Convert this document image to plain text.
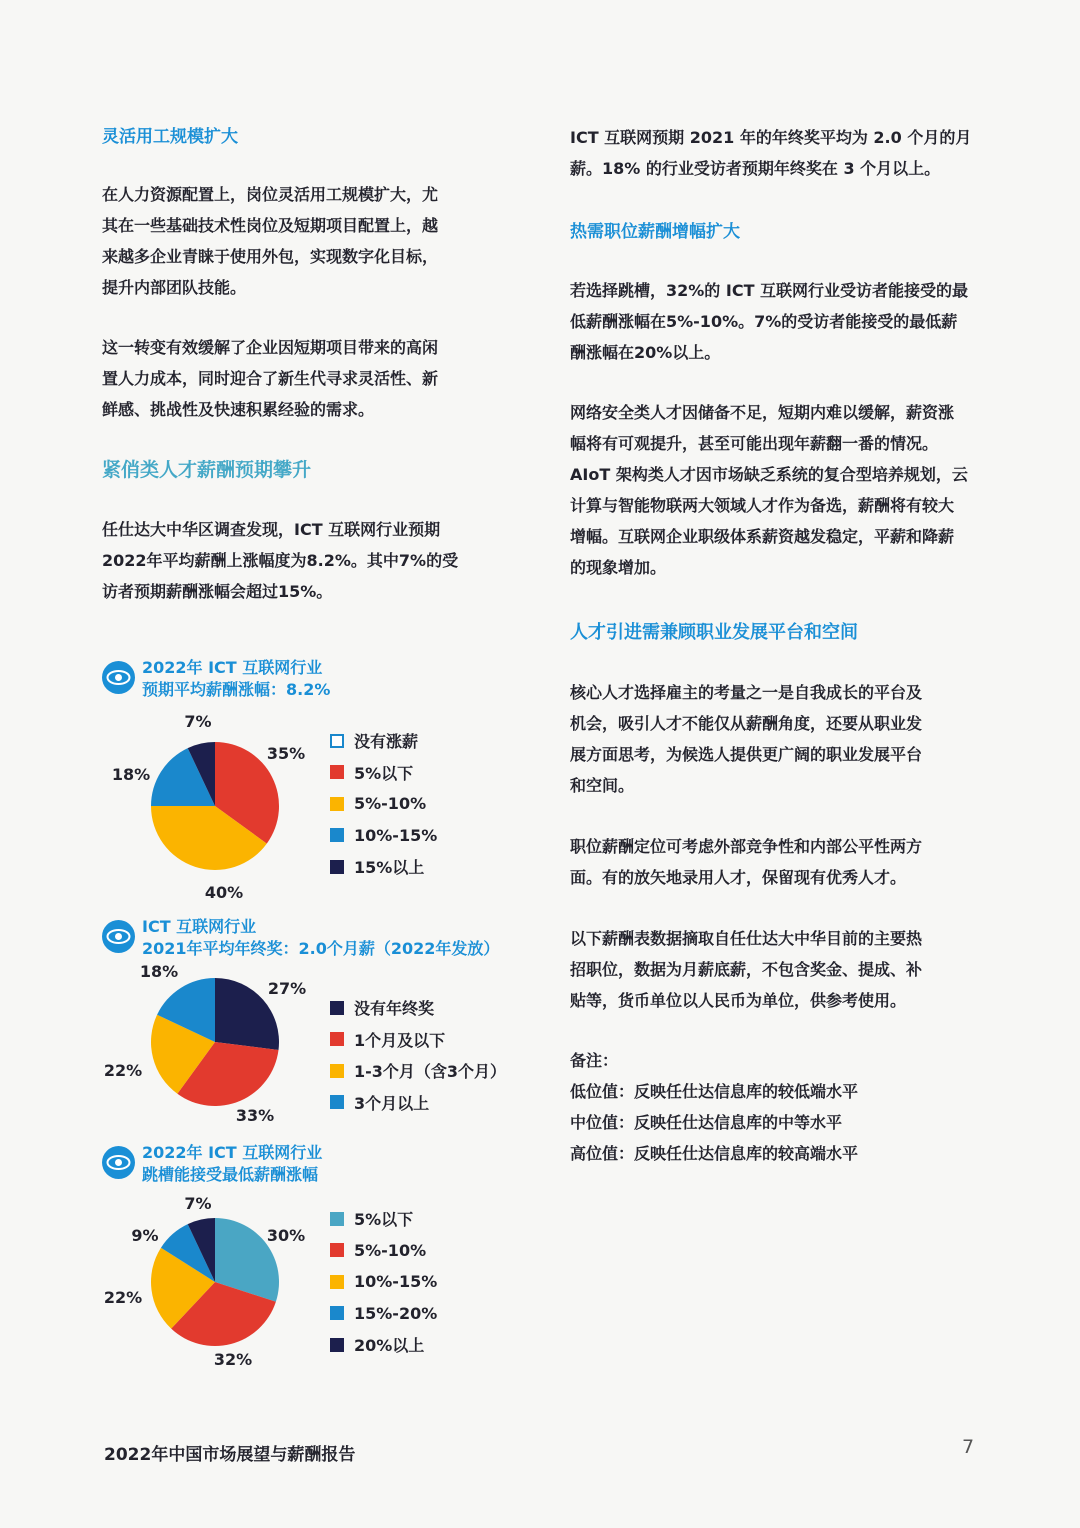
灵活用工规模扩大

在人力资源配置上，岗位灵活用工规模扩大，尤

其在一些基础技术性岗位及短期项目配置上，越

来越多企业青睐于使用外包，实现数字化目标，

提升内部团队技能。

这一转变有效缓解了企业因短期项目带来的高闲

置人力成本，同时迎合了新生代寻求灵活性、新

鲜感、挑战性及快速积累经验的需求。

紧俏类人才薪酬预期攀升

任仕达大中华区调查发现，ICT 互联网行业预期

2022年平均薪酬上涨幅度为8.2%。其中7%的受

访者预期薪酬涨幅会超过15%。

ICT 互联网预期 2021 年的年终奖平均为 2.0 个月的月

薪。18% 的行业受访者预期年终奖在 3 个月以上。

热需职位薪酬增幅扩大

若选择跳槽，32%的 ICT 互联网行业受访者能接受的最

低薪酬涨幅在5%-10%。7%的受访者能接受的最低薪

酬涨幅在20%以上。

网络安全类人才因储备不足，短期内难以缓解，薪资涨

幅将有可观提升，甚至可能出现年薪翻一番的情况。

AIoT 架构类人才因市场缺乏系统的复合型培养规划，云

计算与智能物联两大领域人才作为备选，薪酬将有较大

增幅。互联网企业职级体系薪资越发稳定，平薪和降薪

的现象增加。

人才引进需兼顾职业发展平台和空间

核心人才选择雇主的考量之一是自我成长的平台及

机会，吸引人才不能仅从薪酬角度，还要从职业发

展方面思考，为候选人提供更广阔的职业发展平台

和空间。

职位薪酬定位可考虑外部竞争性和内部公平性两方

面。有的放矢地录用人才，保留现有优秀人才。

以下薪酬表数据摘取自任仕达大中华目前的主要热

招职位，数据为月薪底薪，不包含奖金、提成、补

贴等，货币单位以人民币为单位，供参考使用。

备注：

低位值：反映任仕达信息库的较低端水平

中位值：反映任仕达信息库的中等水平

高位值：反映任仕达信息库的较高端水平

2022年 ICT 互联网行业
预期平均薪酬涨幅：8.2%
35%
40%
18%
7%
没有涨薪
5%以下
5%-10%
10%-15%
15%以上
ICT 互联网行业
2021年平均年终奖：2.0个月薪（2022年发放）
27%
33%
22%
18%
没有年终奖
1个月及以下
1-3个月（含3个月）
3个月以上
2022年 ICT 互联网行业
跳槽能接受最低薪酬涨幅
30%
32%
22%
9%
7%
5%以下
5%-10%
10%-15%
15%-20%
20%以上
2022年中国市场展望与薪酬报告	7
